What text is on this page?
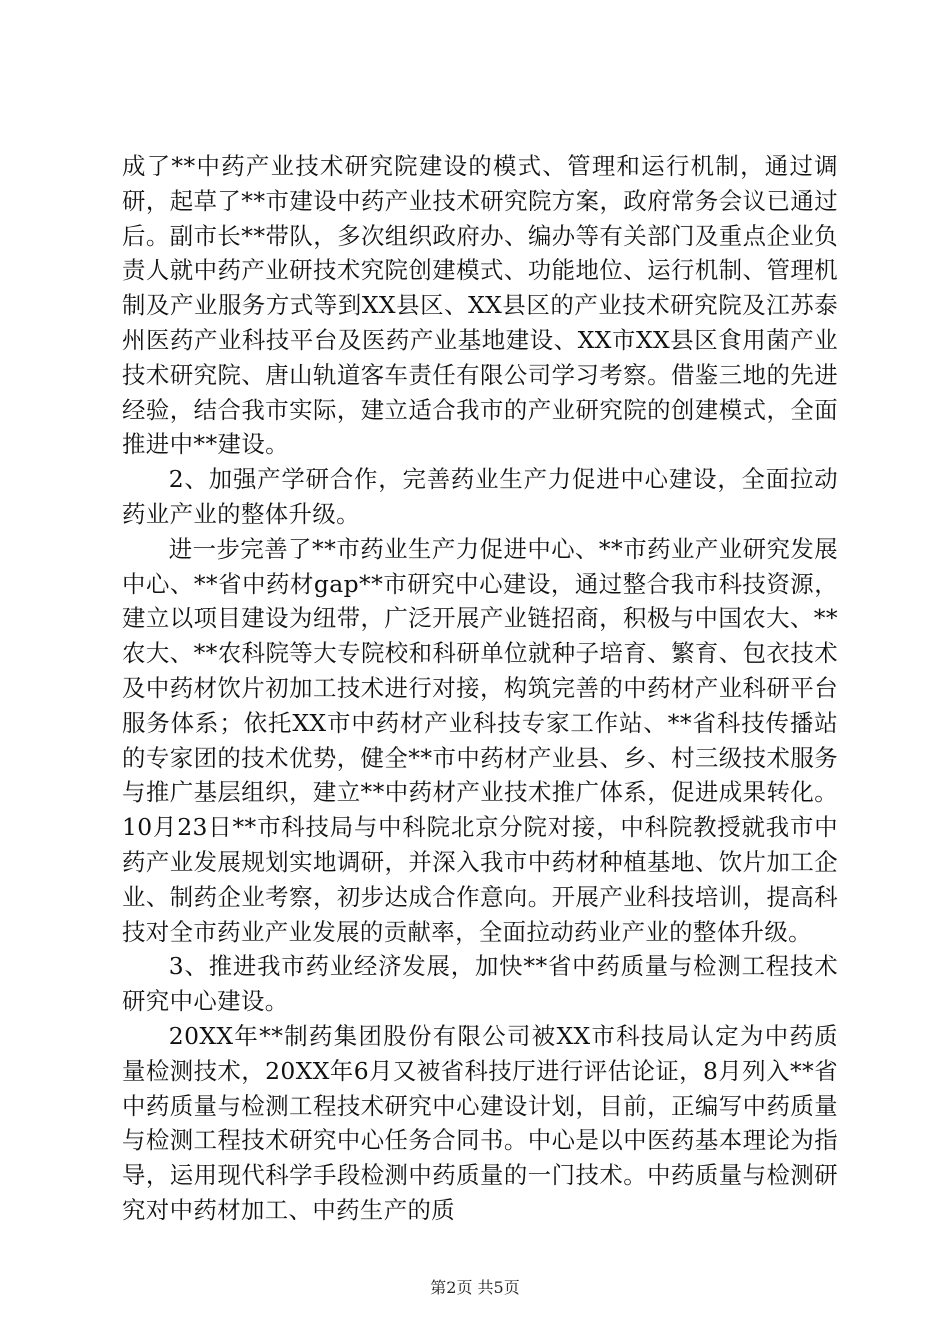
成了**中药产业技术研究院建设的模式、管理和运行机制，通过调研，起草了**市建设中药产业技术研究院方案，政府常务会议已通过后。副市长**带队，多次组织政府办、编办等有关部门及重点企业负责人就中药产业研技术究院创建模式、功能地位、运行机制、管理机制及产业服务方式等到XX县区、XX县区的产业技术研究院及江苏泰州医药产业科技平台及医药产业基地建设、XX市XX县区食用菌产业技术研究院、唐山轨道客车责任有限公司学习考察。借鉴三地的先进经验，结合我市实际，建立适合我市的产业研究院的创建模式，全面推进中**建设。

2、加强产学研合作，完善药业生产力促进中心建设，全面拉动药业产业的整体升级。

进一步完善了**市药业生产力促进中心、**市药业产业研究发展中心、**省中药材gap**市研究中心建设，通过整合我市科技资源，建立以项目建设为纽带，广泛开展产业链招商，积极与中国农大、**农大、**农科院等大专院校和科研单位就种子培育、繁育、包衣技术及中药材饮片初加工技术进行对接，构筑完善的中药材产业科研平台服务体系；依托XX市中药材产业科技专家工作站、**省科技传播站的专家团的技术优势，健全**市中药材产业县、乡、村三级技术服务与推广基层组织，建立**中药材产业技术推广体系，促进成果转化。10月23日**市科技局与中科院北京分院对接，中科院教授就我市中药产业发展规划实地调研，并深入我市中药材种植基地、饮片加工企业、制药企业考察，初步达成合作意向。开展产业科技培训，提高科技对全市药业产业发展的贡献率，全面拉动药业产业的整体升级。

3、推进我市药业经济发展，加快**省中药质量与检测工程技术研究中心建设。

20XX年**制药集团股份有限公司被XX市科技局认定为中药质量检测技术，20XX年6月又被省科技厅进行评估论证，8月列入**省中药质量与检测工程技术研究中心建设计划，目前，正编写中药质量与检测工程技术研究中心任务合同书。中心是以中医药基本理论为指导，运用现代科学手段检测中药质量的一门技术。中药质量与检测研究对中药材加工、中药生产的质

第2页 共5页
